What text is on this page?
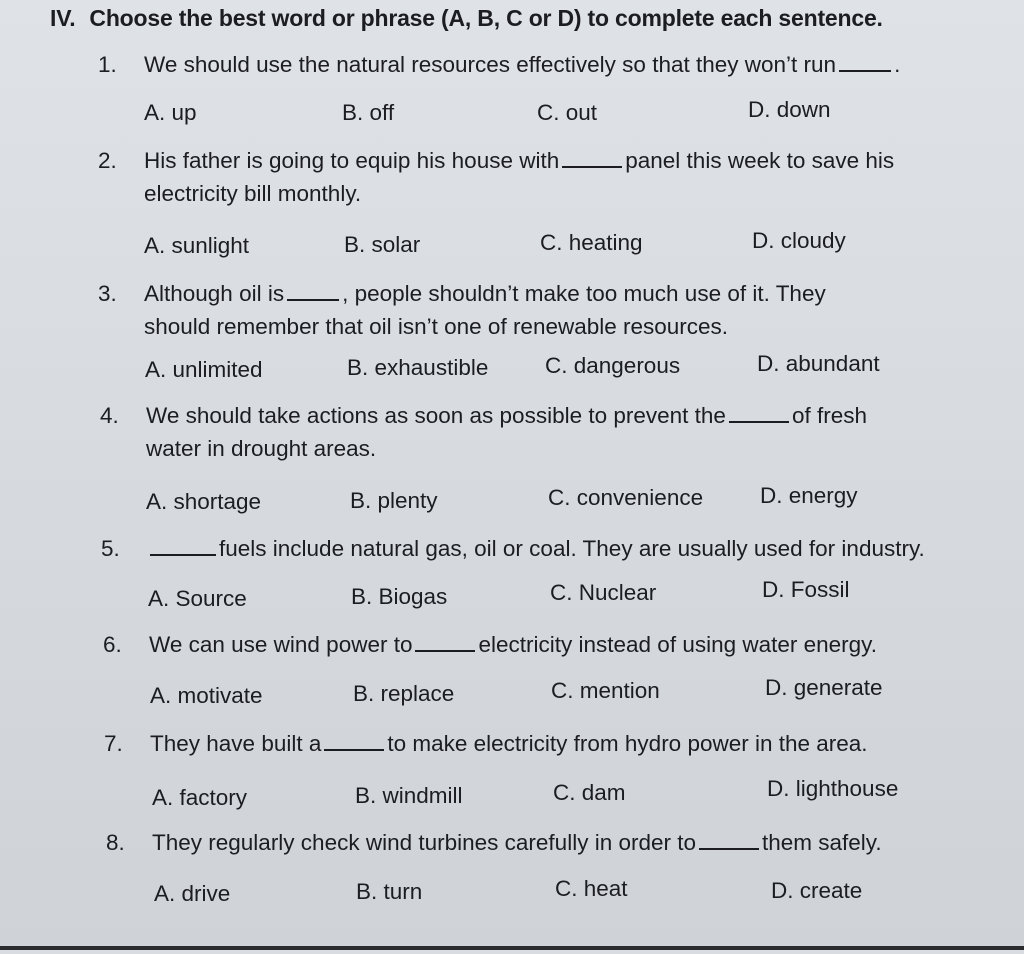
IV. Choose the best word or phrase (A, B, C or D) to complete each sentence.
1.	We should use the natural resources effectively so that they won’t run	.
A. up	B. off	C. out	D. down
2.	His father is going to equip his house with	panel this week to save his
electricity bill monthly.
A. sunlight	B. solar	C. heating	D. cloudy
3.	Although oil is	, people shouldn’t make too much use of it. They
should remember that oil isn’t one of renewable resources.
A. unlimited	B. exhaustible	C. dangerous	D. abundant
4.	We should take actions as soon as possible to prevent the	of fresh
water in drought areas.
A. shortage	B. plenty	C. convenience	D. energy
5.	fuels include natural gas, oil or coal. They are usually used for industry.
A. Source	B. Biogas	C. Nuclear	D. Fossil
6.	We can use wind power to	electricity instead of using water energy.
A. motivate	B. replace	C. mention	D. generate
7.	They have built a	to make electricity from hydro power in the area.
A. factory	B. windmill	C. dam	D. lighthouse
8.	They regularly check wind turbines carefully in order to	them safely.
A. drive	B. turn	C. heat	D. create
